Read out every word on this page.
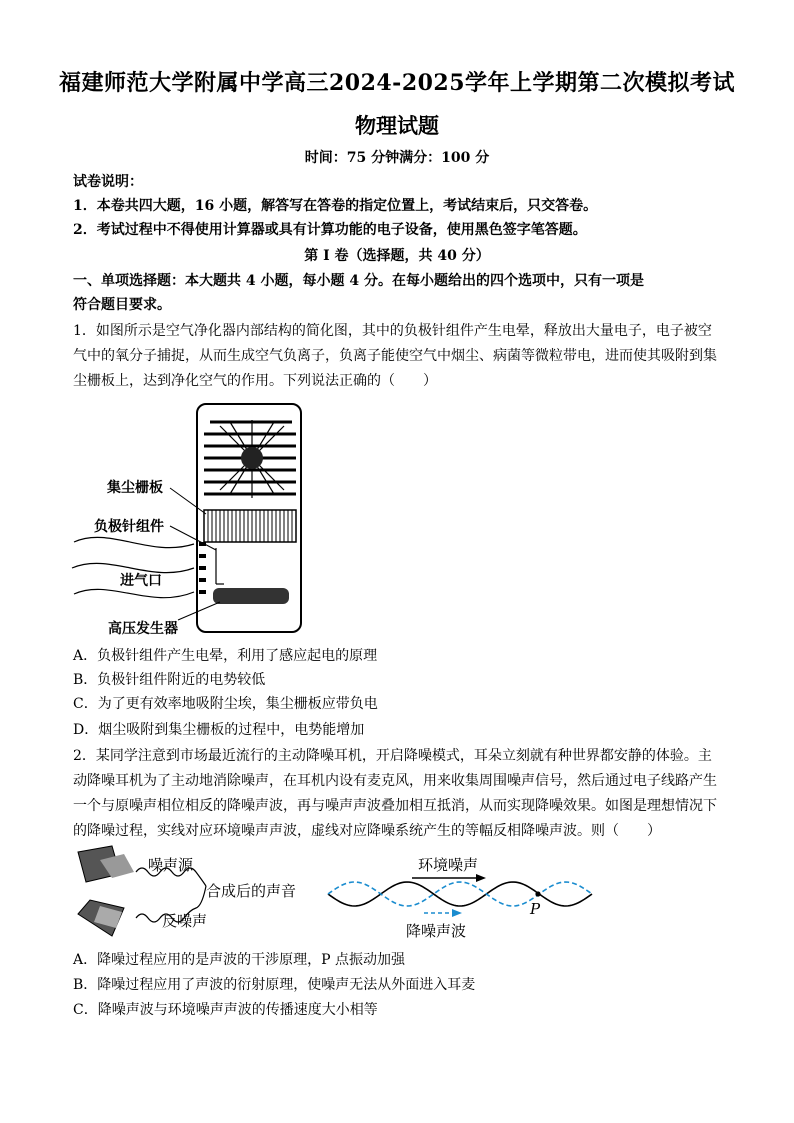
福建师范大学附属中学高三2024-2025学年上学期第二次模拟考试
物理试题
时间：75 分钟满分：100 分
试卷说明：
1．本卷共四大题，16 小题，解答写在答卷的指定位置上，考试结束后，只交答卷。
2．考试过程中不得使用计算器或具有计算功能的电子设备，使用黑色签字笔答题。
第 I 卷（选择题，共 40 分）
一、单项选择题：本大题共 4 小题，每小题 4 分。在每小题给出的四个选项中，只有一项是
符合题目要求。
1．如图所示是空气净化器内部结构的简化图，其中的负极针组件产生电晕，释放出大量电子，电子被空
气中的氧分子捕捉，从而生成空气负离子，负离子能使空气中烟尘、病菌等微粒带电，进而使其吸附到集
尘栅板上，达到净化空气的作用。下列说法正确的（　　）
集尘栅板
负极针组件
进气口
高压发生器
A．负极针组件产生电晕，利用了感应起电的原理
B．负极针组件附近的电势较低
C．为了更有效率地吸附尘埃，集尘栅板应带负电
D．烟尘吸附到集尘栅板的过程中，电势能增加
2．某同学注意到市场最近流行的主动降噪耳机，开启降噪模式，耳朵立刻就有种世界都安静的体验。主
动降噪耳机为了主动地消除噪声，在耳机内设有麦克风，用来收集周围噪声信号，然后通过电子线路产生
一个与原噪声相位相反的降噪声波，再与噪声声波叠加相互抵消，从而实现降噪效果。如图是理想情况下
的降噪过程，实线对应环境噪声声波，虚线对应降噪系统产生的等幅反相降噪声波。则（　　）
噪声源
合成后的声音
反噪声
环境噪声
降噪声波
P
A．降噪过程应用的是声波的干涉原理，P 点振动加强
B．降噪过程应用了声波的衍射原理，使噪声无法从外面进入耳麦
C．降噪声波与环境噪声声波的传播速度大小相等
